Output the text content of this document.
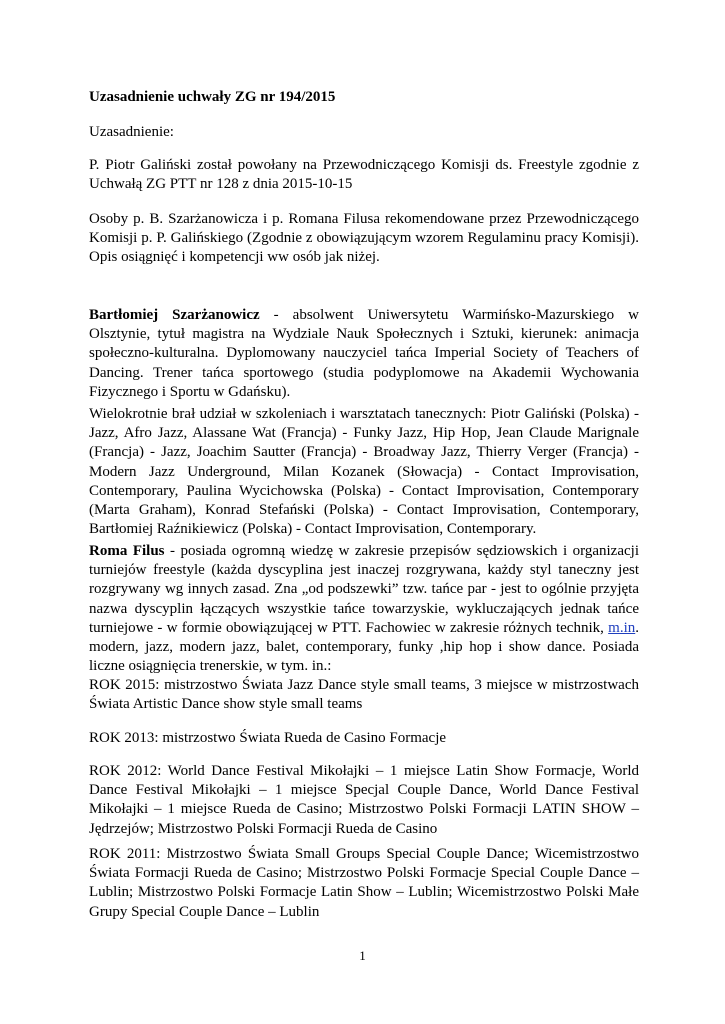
Uzasadnienie uchwały ZG nr 194/2015

Uzasadnienie:

P. Piotr Galiński został powołany na Przewodniczącego Komisji ds. Freestyle zgodnie z Uchwałą ZG PTT nr 128 z dnia 2015-10-15

Osoby p. B. Szarżanowicza i p. Romana Filusa rekomendowane przez Przewodniczącego Komisji p. P. Galińskiego (Zgodnie z obowiązującym wzorem Regulaminu pracy Komisji). Opis osiągnięć i kompetencji ww osób jak niżej.

Bartłomiej Szarżanowicz - absolwent Uniwersytetu Warmińsko-Mazurskiego w Olsztynie, tytuł magistra na Wydziale Nauk Społecznych i Sztuki, kierunek: animacja społeczno-kulturalna. Dyplomowany nauczyciel tańca Imperial Society of Teachers of Dancing. Trener tańca sportowego (studia podyplomowe na Akademii Wychowania Fizycznego i Sportu w Gdańsku).

Wielokrotnie brał udział w szkoleniach i warsztatach tanecznych: Piotr Galiński (Polska) - Jazz, Afro Jazz, Alassane Wat (Francja) - Funky Jazz, Hip Hop, Jean Claude Marignale (Francja) - Jazz, Joachim Sautter (Francja) - Broadway Jazz, Thierry Verger (Francja) - Modern Jazz Underground, Milan Kozanek (Słowacja) - Contact Improvisation, Contemporary, Paulina Wycichowska (Polska) - Contact Improvisation, Contemporary (Marta Graham), Konrad Stefański (Polska) - Contact Improvisation, Contemporary, Bartłomiej Raźnikiewicz (Polska) - Contact Improvisation, Contemporary.

Roma Filus - posiada ogromną wiedzę w zakresie przepisów sędziowskich i organizacji turniejów freestyle (każda dyscyplina jest inaczej rozgrywana, każdy styl taneczny jest rozgrywany wg innych zasad. Zna „od podszewki” tzw. tańce par - jest to ogólnie przyjęta nazwa dyscyplin łączących wszystkie tańce towarzyskie, wykluczających jednak tańce turniejowe - w formie obowiązującej w PTT. Fachowiec w zakresie różnych technik, m.in. modern, jazz, modern jazz, balet, contemporary, funky ,hip hop i show dance. Posiada liczne osiągnięcia trenerskie, w tym. in.:

ROK 2015: mistrzostwo Świata Jazz Dance style small teams, 3 miejsce w mistrzostwach Świata Artistic Dance show style small teams

ROK 2013: mistrzostwo Świata Rueda de Casino Formacje

ROK 2012: World Dance Festival Mikołajki – 1 miejsce Latin Show Formacje, World Dance Festival Mikołajki – 1 miejsce Specjal Couple Dance, World Dance Festival Mikołajki – 1 miejsce Rueda de Casino; Mistrzostwo Polski Formacji LATIN SHOW – Jędrzejów; Mistrzostwo Polski Formacji Rueda de Casino

ROK 2011: Mistrzostwo Świata Small Groups Special Couple Dance; Wicemistrzostwo Świata Formacji Rueda de Casino; Mistrzostwo Polski Formacje Special Couple Dance – Lublin; Mistrzostwo Polski Formacje Latin Show – Lublin; Wicemistrzostwo Polski Małe Grupy Special Couple Dance – Lublin

1
